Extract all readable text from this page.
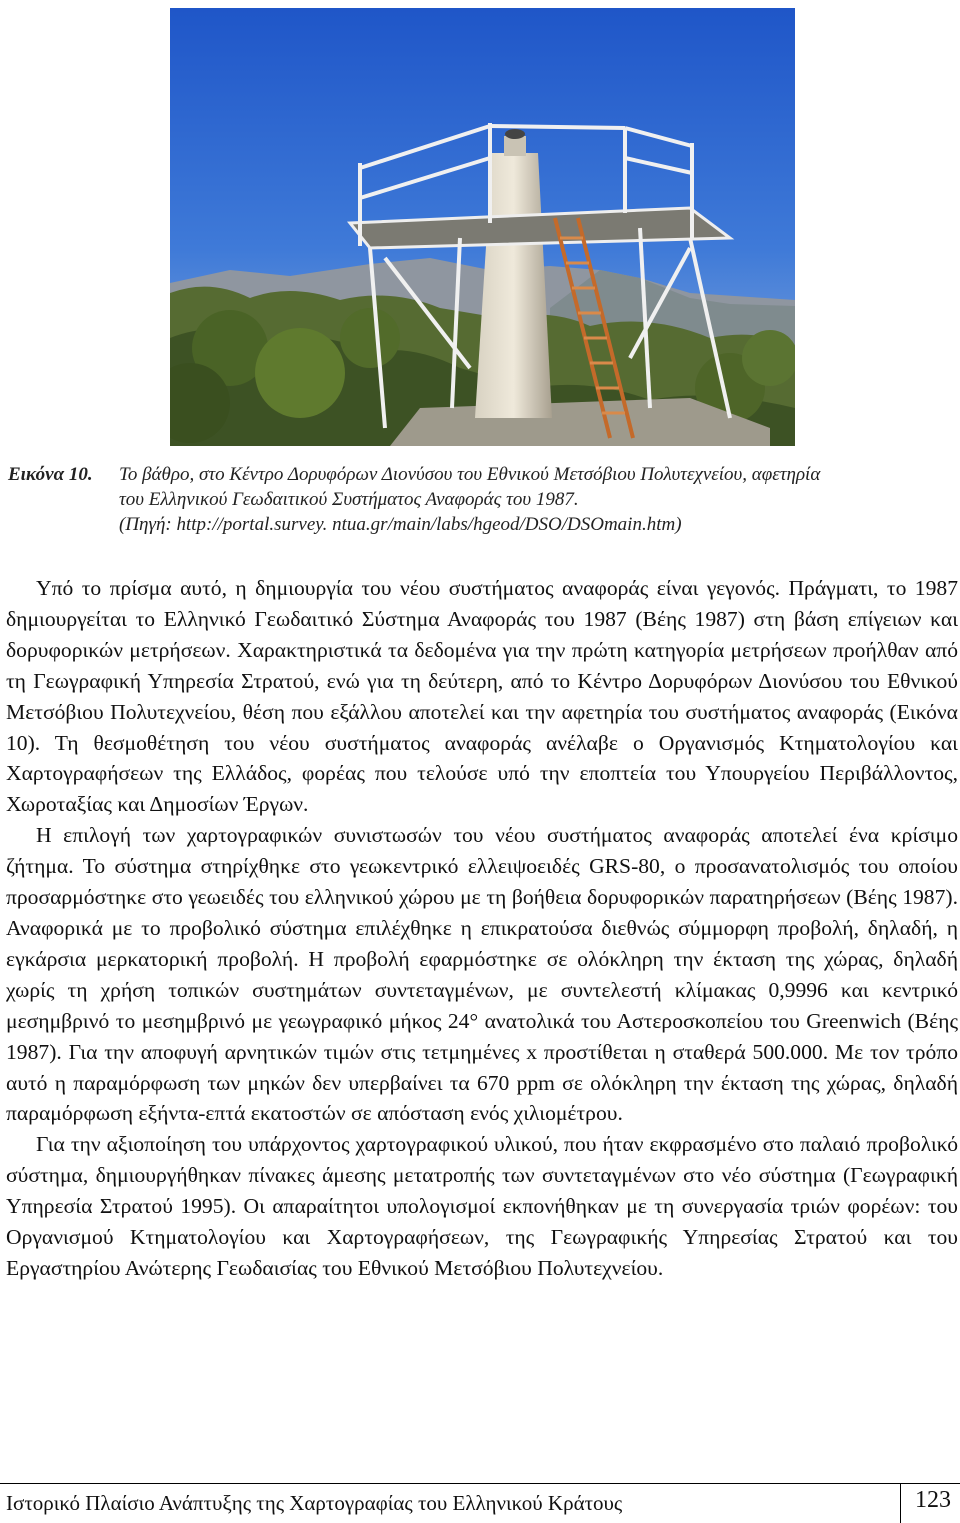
Εικόνα 10. Το βάθρο, στο Κέντρο Δορυφόρων Διονύσου του Εθνικού Μετσόβιου Πολυτεχνείου, αφετηρία
του Ελληνικού Γεωδαιτικού Συστήματος Αναφοράς του 1987.
(Πηγή: http://portal.survey. ntua.gr/main/labs/hgeod/DSO/DSOmain.htm)

Υπό το πρίσμα αυτό, η δημιουργία του νέου συστήματος αναφοράς είναι γεγονός. Πράγματι, το 1987 δημιουργείται το Ελληνικό Γεωδαιτικό Σύστημα Αναφοράς του 1987 (Βέης 1987) στη βάση επίγειων και δορυφορικών μετρήσεων. Χαρακτηριστικά τα δεδομένα για την πρώτη κατηγορία μετρήσεων προήλθαν από τη Γεωγραφική Υπηρεσία Στρατού, ενώ για τη δεύτερη, από το Κέντρο Δορυφόρων Διονύσου του Εθνικού Μετσόβιου Πολυτεχνείου, θέση που εξάλλου αποτελεί και την αφετηρία του συστήματος αναφοράς (Εικόνα 10). Τη θεσμοθέτηση του νέου συστήματος αναφοράς ανέλαβε ο Οργανισμός Κτηματολογίου και Χαρτογραφήσεων της Ελλάδος, φορέας που τελούσε υπό την εποπτεία του Υπουργείου Περιβάλλοντος, Χωροταξίας και Δημοσίων Έργων.

Η επιλογή των χαρτογραφικών συνιστωσών του νέου συστήματος αναφοράς αποτελεί ένα κρίσιμο ζήτημα. Το σύστημα στηρίχθηκε στο γεωκεντρικό ελλειψοειδές GRS-80, ο προσανατολισμός του οποίου προσαρμόστηκε στο γεωειδές του ελληνικού χώρου με τη βοήθεια δορυφορικών παρατηρήσεων (Βέης 1987). Αναφορικά με το προβολικό σύστημα επιλέχθηκε η επικρατούσα διεθνώς σύμμορφη προβολή, δηλαδή, η εγκάρσια μερκατορική προβολή. Η προβολή εφαρμόστηκε σε ολόκληρη την έκταση της χώρας, δηλαδή χωρίς τη χρήση τοπικών συστημάτων συντεταγμένων, με συντελεστή κλίμακας 0,9996 και κεντρικό μεσημβρινό το μεσημβρινό με γεωγραφικό μήκος 24° ανατολικά του Αστεροσκοπείου του Greenwich (Βέης 1987). Για την αποφυγή αρνητικών τιμών στις τετμημένες x προστίθεται η σταθερά 500.000. Με τον τρόπο αυτό η παραμόρφωση των μηκών δεν υπερβαίνει τα 670 ppm σε ολόκληρη την έκταση της χώρας, δηλαδή παραμόρφωση εξήντα-επτά εκατοστών σε απόσταση ενός χιλιομέτρου.

Για την αξιοποίηση του υπάρχοντος χαρτογραφικού υλικού, που ήταν εκφρασμένο στο παλαιό προβολικό σύστημα, δημιουργήθηκαν πίνακες άμεσης μετατροπής των συντεταγμένων στο νέο σύστημα (Γεωγραφική Υπηρεσία Στρατού 1995). Οι απαραίτητοι υπολογισμοί εκπονήθηκαν με τη συνεργασία τριών φορέων: του Οργανισμού Κτηματολογίου και Χαρτογραφήσεων, της Γεωγραφικής Υπηρεσίας Στρατού και του Εργαστηρίου Ανώτερης Γεωδαισίας του Εθνικού Μετσόβιου Πολυτεχνείου.

Ιστορικό Πλαίσιο Ανάπτυξης της Χαρτογραφίας του Ελληνικού Κράτους	123
